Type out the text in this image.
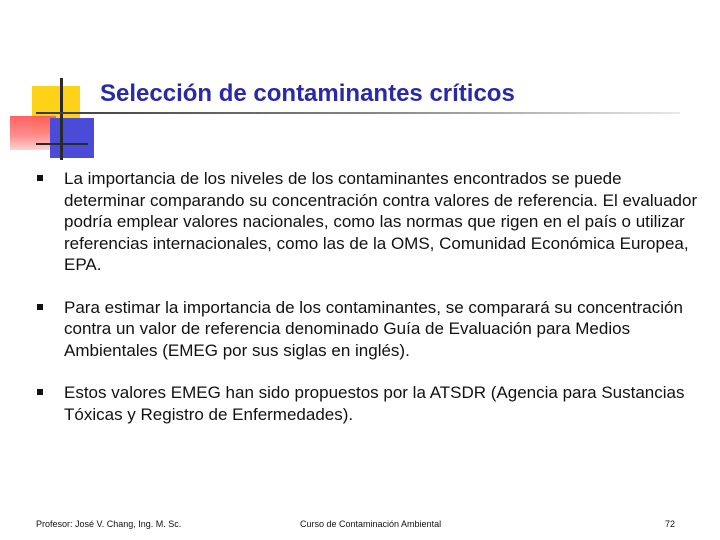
Selección de contaminantes críticos
La importancia de los niveles de los contaminantes encontrados se puede determinar comparando su concentración contra valores de referencia. El evaluador podría emplear valores nacionales, como las normas que rigen en el país o utilizar referencias internacionales, como las de la OMS, Comunidad Económica Europea, EPA.
Para estimar la importancia de los contaminantes, se comparará su concentración contra un valor de referencia denominado Guía de Evaluación para Medios Ambientales (EMEG por sus siglas en inglés).
Estos valores EMEG han sido propuestos por la ATSDR (Agencia para Sustancias Tóxicas y Registro de Enfermedades).
Profesor: José V. Chang, Ing. M. Sc.	Curso de Contaminación Ambiental	72
